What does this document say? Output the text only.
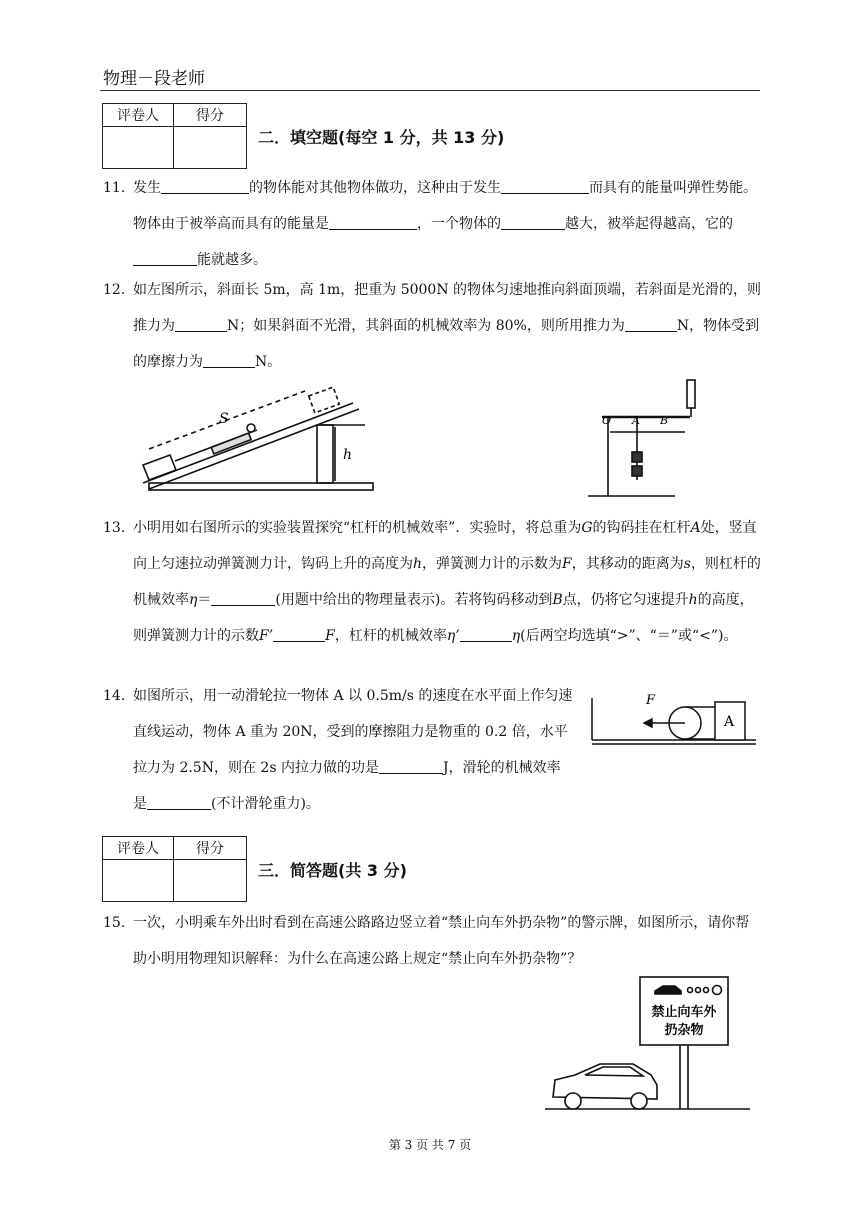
物理－段老师
评卷人	得分

二．填空题(每空 1 分，共 13 分)
11. 发生	的物体能对其他物体做功，这种由于发生	而具有的能量叫弹性势能。物体由于被举高而具有的能量是	，一个物体的	越大，被举起得越高，它的能就越多。
12. 如左图所示，斜面长 5m，高 1m，把重为 5000N 的物体匀速地推向斜面顶端，若斜面是光滑的，则推力为	N；如果斜面不光滑，其斜面的机械效率为 80%，则所用推力为	N，物体受到的摩擦力为	N。
S
h
O A B
13. 小明用如右图所示的实验装置探究“杠杆的机械效率”．实验时，将总重为G的钩码挂在杠杆A处，竖直向上匀速拉动弹簧测力计，钩码上升的高度为h，弹簧测力计的示数为F，其移动的距离为s，则杠杆的机械效率η＝	(用题中给出的物理量表示)。若将钩码移动到B点，仍将它匀速提升h的高度，则弹簧测力计的示数F’	F，杠杆的机械效率η’	η(后两空均选填“>”、“＝”或“<”)。
14. 如图所示，用一动滑轮拉一物体 A 以 0.5m/s 的速度在水平面上作匀速直线运动，物体 A 重为 20N，受到的摩擦阻力是物重的 0.2 倍，水平拉力为 2.5N，则在 2s 内拉力做的功是	J，滑轮的机械效率是	(不计滑轮重力)。
F
A
评卷人	得分

三．简答题(共 3 分)
15. 一次，小明乘车外出时看到在高速公路路边竖立着“禁止向车外扔杂物”的警示牌，如图所示，请你帮助小明用物理知识解释：为什么在高速公路上规定“禁止向车外扔杂物”？
禁止向车外
扔杂物
第 3 页 共 7 页
